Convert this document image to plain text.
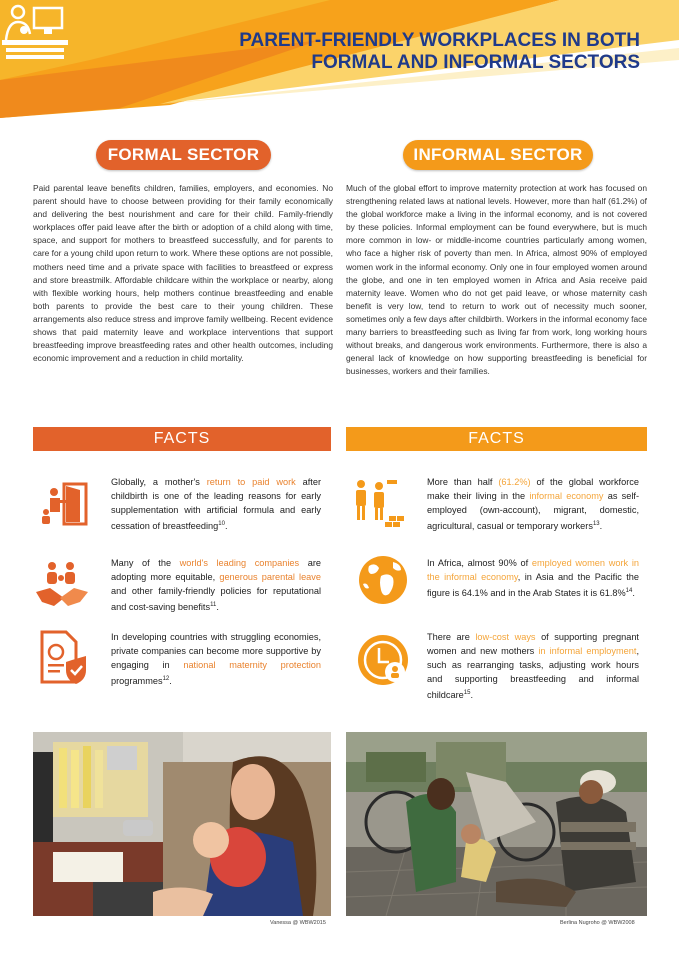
PARENT-FRIENDLY WORKPLACES IN BOTH
FORMAL AND INFORMAL SECTORS
FORMAL SECTOR	INFORMAL SECTOR
Paid parental leave benefits children, families, employers, and economies. No parent should have to choose between providing for their family economically and delivering the best nourishment and care for their child. Family-friendly workplaces offer paid leave after the birth or adoption of a child along with time, space, and support for mothers to breastfeed successfully, and for parents to care for a young child upon return to work. Where these options are not possible, mothers need time and a private space with facilities to breastfeed or express and store breastmilk. Affordable childcare within the workplace or nearby, along with flexible working hours, help mothers continue breastfeeding and enable both parents to provide the best care to their young children. These arrangements also reduce stress and improve family wellbeing. Recent evidence shows that paid maternity leave and workplace interventions that support breastfeeding improve breastfeeding rates and other health outcomes, including economic improvement and a reduction in child mortality.
Much of the global effort to improve maternity protection at work has focused on strengthening related laws at national levels. However, more than half (61.2%) of the global workforce make a living in the informal economy, and is not covered by these policies. Informal employment can be found everywhere, but is much more common in low- or middle-income countries particularly among women, who face a higher risk of poverty than men. In Africa, almost 90% of employed women work in the informal economy. Only one in four employed women around the globe, and one in ten employed women in Africa and Asia receive paid maternity leave. Women who do not get paid leave, or whose maternity cash benefit is very low, tend to return to work out of necessity much sooner, sometimes only a few days after childbirth. Workers in the informal economy face many barriers to breastfeeding such as living far from work, long working hours without breaks, and dangerous work environments. Furthermore, there is also a general lack of knowledge on how supporting breastfeeding is beneficial for businesses, workers and their families.
FACTS	FACTS
Globally, a mother's return to paid work after childbirth is one of the leading reasons for early supplementation with artificial formula and early cessation of breastfeeding$^{10}$.
Many of the world's leading companies are adopting more equitable, generous parental leave and other family-friendly policies for reputational and cost-saving benefits$^{11}$.
In developing countries with struggling economies, private companies can become more supportive by engaging in national maternity protection programmes$^{12}$.
More than half (61.2%) of the global workforce make their living in the informal economy as self-employed (own-account), migrant, domestic, agricultural, casual or temporary workers$^{13}$.
In Africa, almost 90% of employed women work in the informal economy, in Asia and the Pacific the figure is 64.1% and in the Arab States it is 61.8%$^{14}$.
There are low-cost ways of supporting pregnant women and new mothers in informal employment, such as rearranging tasks, adjusting work hours and supporting breastfeeding and informal childcare$^{15}$.
Vanessa @ WBW2015	Berlina Nugroho @ WBW2008
